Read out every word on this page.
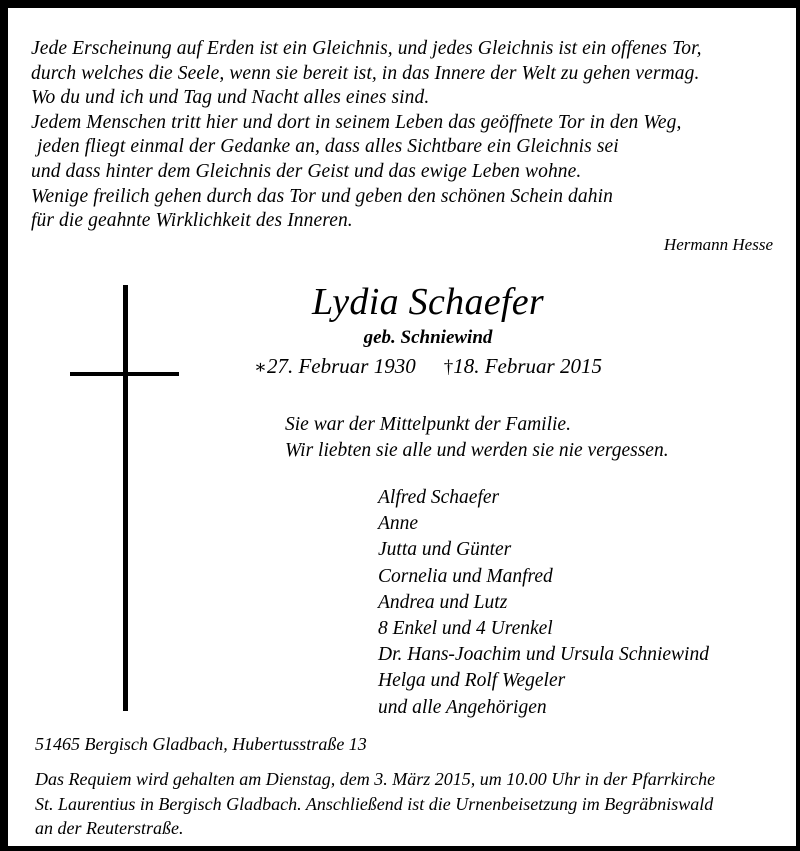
Jede Erscheinung auf Erden ist ein Gleichnis, und jedes Gleichnis ist ein offenes Tor,
durch welches die Seele, wenn sie bereit ist, in das Innere der Welt zu gehen vermag.
Wo du und ich und Tag und Nacht alles eines sind.
Jedem Menschen tritt hier und dort in seinem Leben das geöffnete Tor in den Weg,
jeden fliegt einmal der Gedanke an, dass alles Sichtbare ein Gleichnis sei
und dass hinter dem Gleichnis der Geist und das ewige Leben wohne.
Wenige freilich gehen durch das Tor und geben den schönen Schein dahin
für die geahnte Wirklichkeit des Inneren.
Hermann Hesse
Lydia Schaefer
geb. Schniewind
∗27. Februar 1930 †18. Februar 2015
Sie war der Mittelpunkt der Familie.
Wir liebten sie alle und werden sie nie vergessen.
Alfred Schaefer
Anne
Jutta und Günter
Cornelia und Manfred
Andrea und Lutz
8 Enkel und 4 Urenkel
Dr. Hans-Joachim und Ursula Schniewind
Helga und Rolf Wegeler
und alle Angehörigen
51465 Bergisch Gladbach, Hubertusstraße 13
Das Requiem wird gehalten am Dienstag, dem 3. März 2015, um 10.00 Uhr in der Pfarrkirche
St. Laurentius in Bergisch Gladbach. Anschließend ist die Urnenbeisetzung im Begräbniswald
an der Reuterstraße.
